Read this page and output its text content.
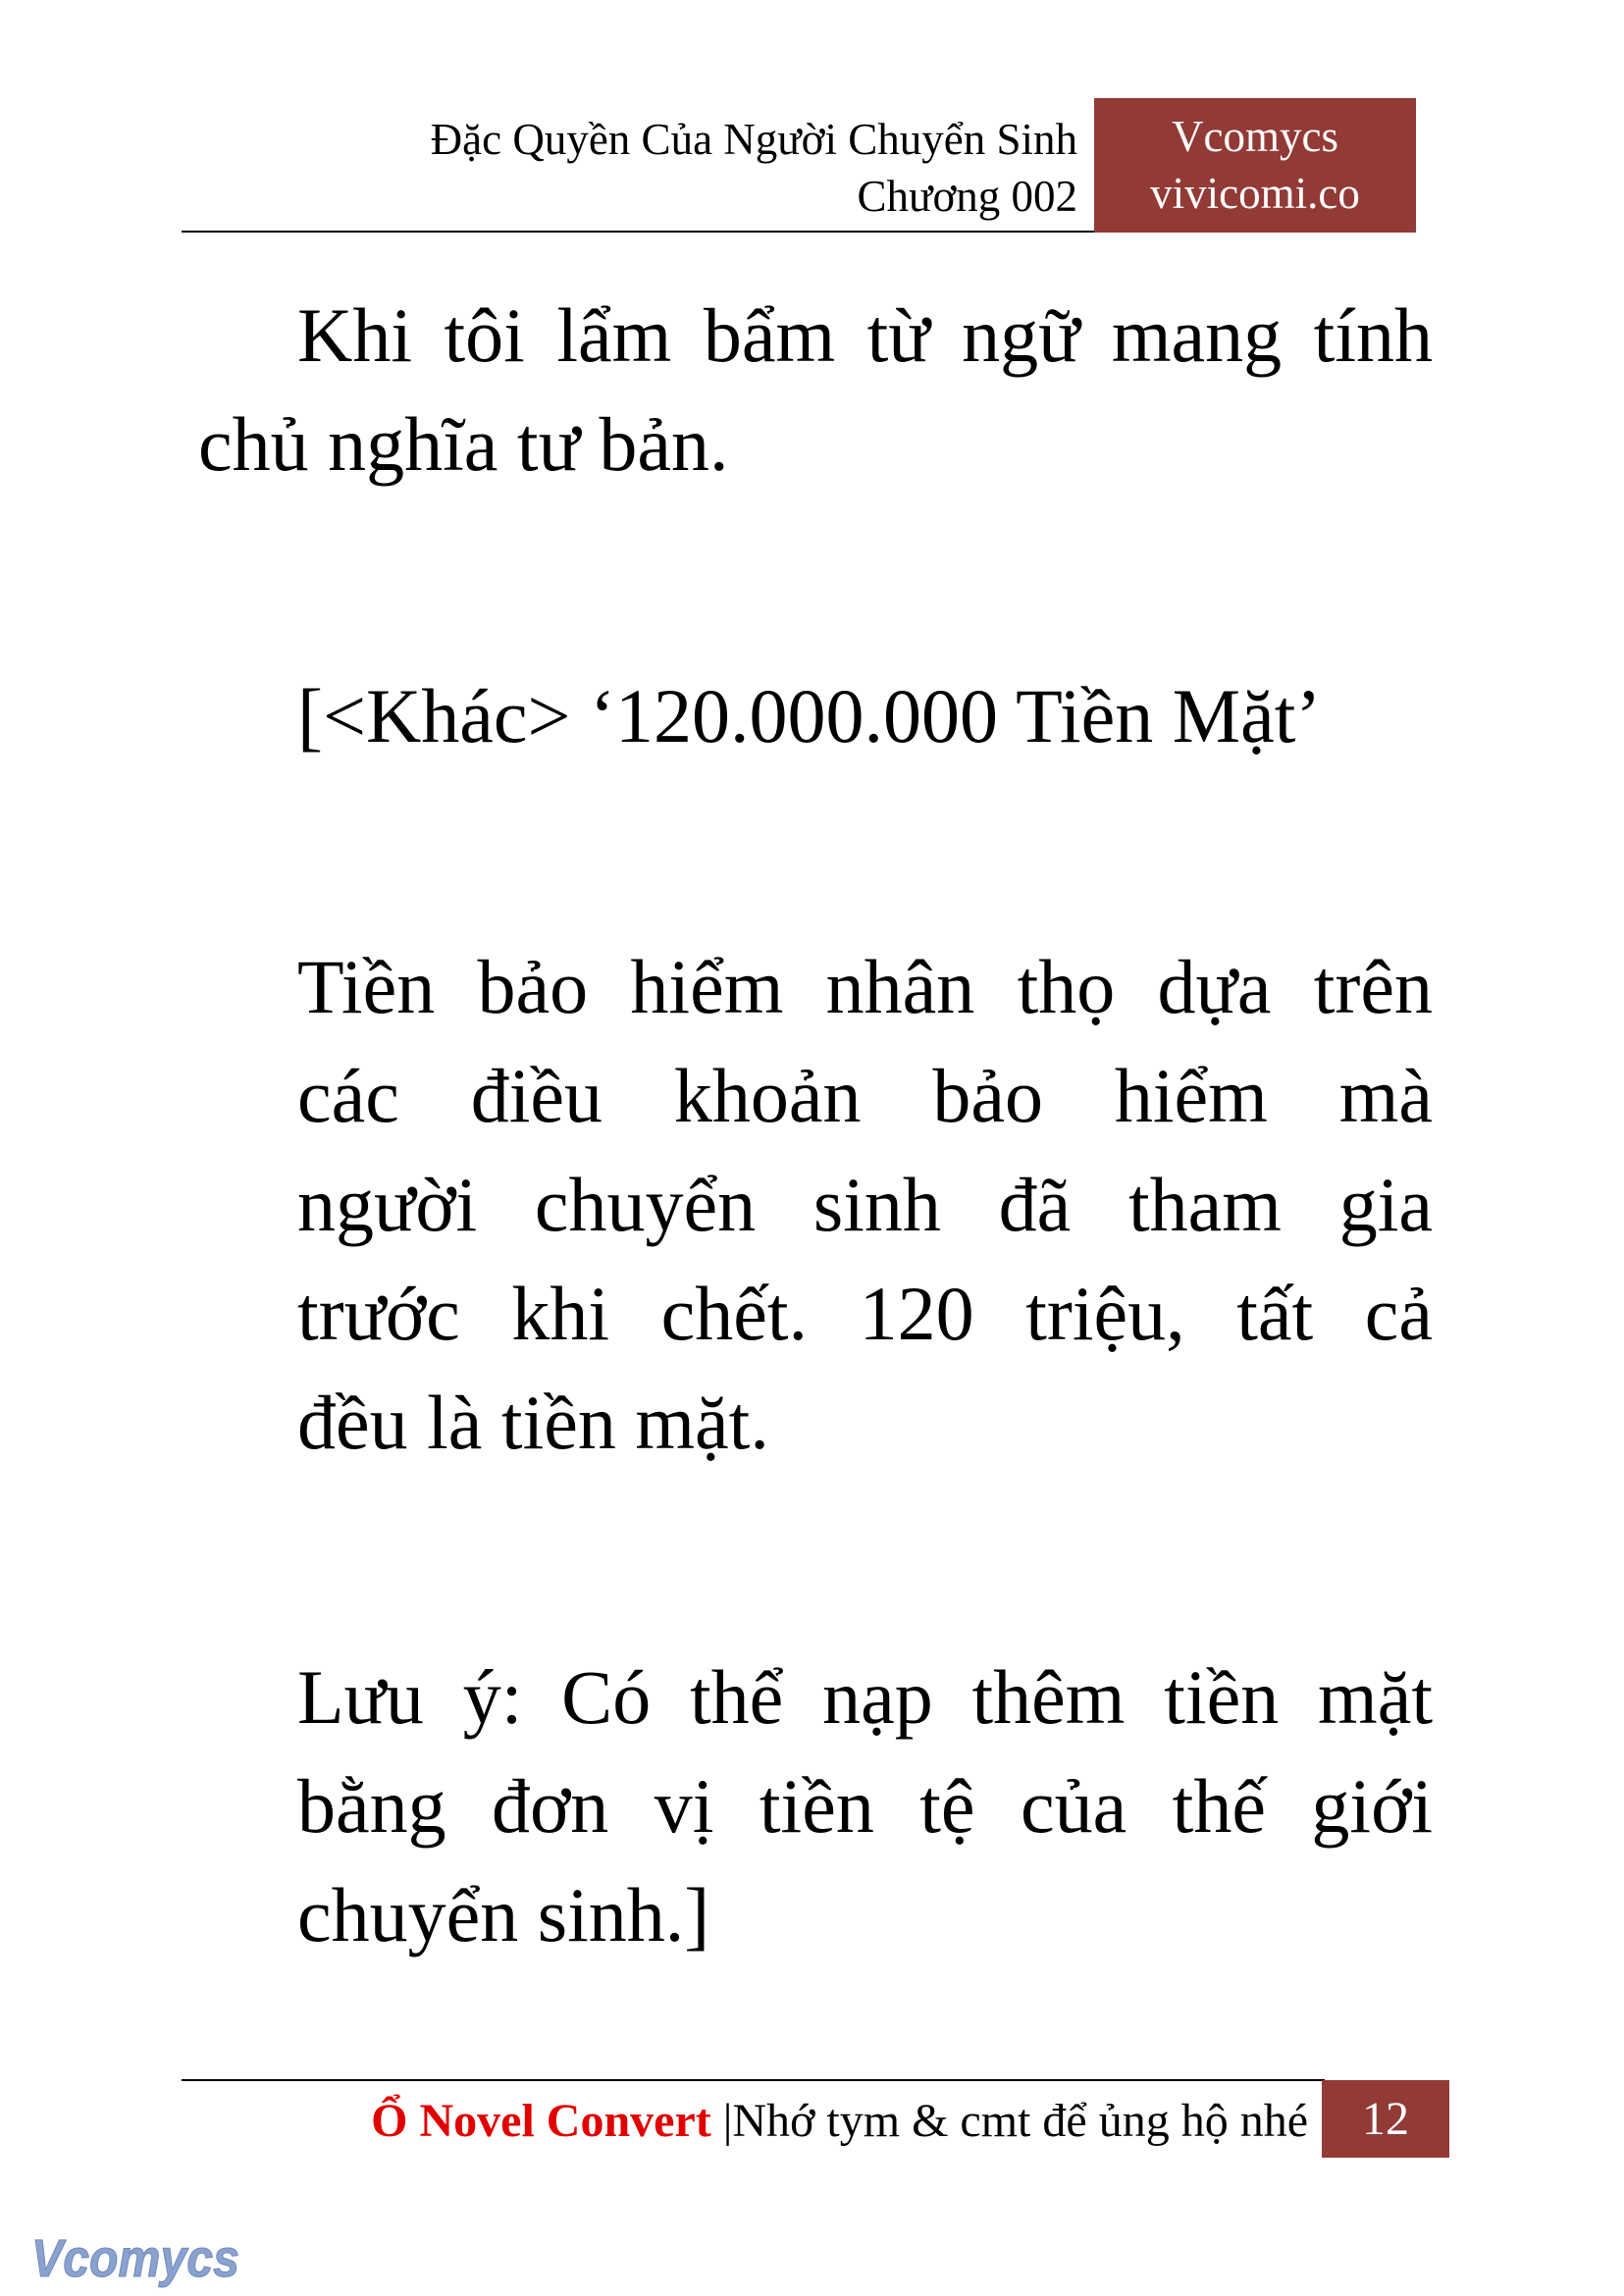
Đặc Quyền Của Người Chuyển Sinh
Chương 002
Vcomycs
vivicomi.co
Khi tôi lẩm bẩm từ ngữ mang tính
chủ nghĩa tư bản.
[<Khác> ‘120.000.000 Tiền Mặt’
Tiền bảo hiểm nhân thọ dựa trên
các điều khoản bảo hiểm mà
người chuyển sinh đã tham gia
trước khi chết. 120 triệu, tất cả
đều là tiền mặt.
Lưu ý: Có thể nạp thêm tiền mặt
bằng đơn vị tiền tệ của thế giới
chuyển sinh.]
Ổ Novel Convert |Nhớ tym & cmt để ủng hộ nhé	12
Vcomycs
